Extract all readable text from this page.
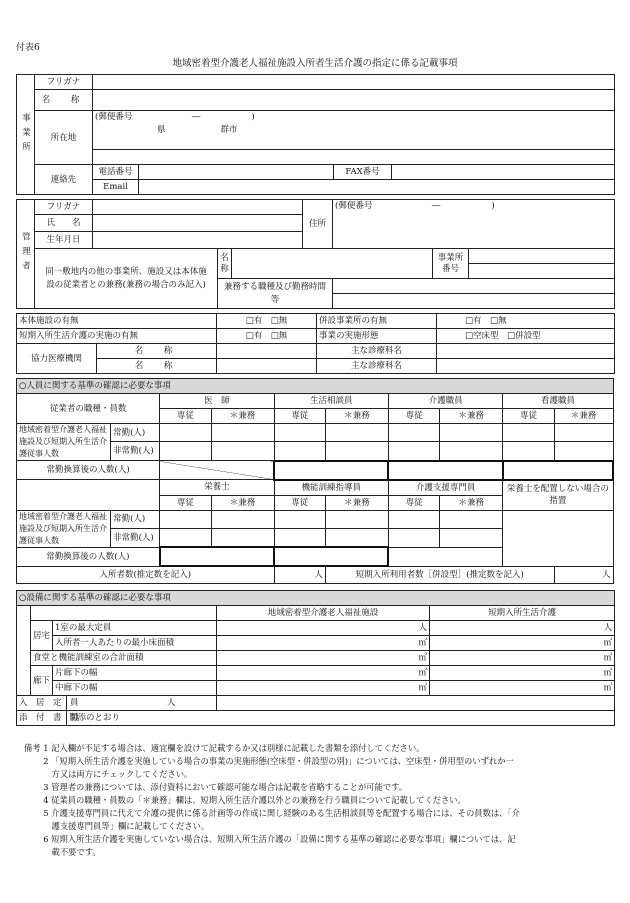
付表6
地域密着型介護老人福祉施設入所者生活介護の指定に係る記載事項
事業所	フリガナ				
	名　称				
	所在地	(郵便番号　　　　　　　―　　　　　　)
県 群市			

	連絡先	電話番号		FAX番号	
		Email			
管理者	フリガナ				住所	(郵便番号　　　　　　　―　　　　　　)		
	氏　　名							
	生年月日							
	同一敷地内の他の事業所、施設又は本体施設の従業者との兼務(兼務の場合のみ記入)		名称				事業所番号	

			兼務する職種及び勤務時間等					

本体施設の有無		□有　□無	併設事業所の有無	□有　□無
短期入所生活介護の実施の有無		□有　□無	事業の実施形態	□空床型　□併設型
協力医療機関	名　称		主な診療科名	
	名　称		主な診療科名	
○人員に関する基準の確認に必要な事項									
従業者の職種・員数		医　師		生活相談員		介護職員		看護職員	
		専従	＊兼務	専従	＊兼務	専従	＊兼務	専従	＊兼務
地域密着型介護老人福祉施設及び短期入所生活介護従事人数	常勤(人)								
	非常勤(人)								
常勤換算後の人数(人)									
		栄養士		機能訓練指導員		介護支援専門員		栄養士を配置しない場合の措置	
		専従	＊兼務	専従	＊兼務	専従	＊兼務		
地域密着型介護老人福祉施設及び短期入所生活介護従事人数	常勤(人)								
	非常勤(人)								
常勤換算後の人数(人)									
入所者数(推定数を記入)				人	短期入所利用者数［併設型］(推定数を記入)				人
○設備に関する基準の確認に必要な事項					
				地域密着型介護老人福祉施設	短期入所生活介護
	居宅	1室の最大定員		人	人
		入所者一人あたりの最小床面積		㎡	㎡
	食堂と機能訓練室の合計面積			㎡	㎡
	廊下	片廊下の幅		㎡	㎡
		中廊下の幅		㎡	㎡
入　居　定　員			人		
添　付　書　類			別添のとおり		
備考 1 記入欄が不足する場合は、適宜欄を設けて記載するか又は別様に記載した書類を添付してください。
　　 2 「短期入所生活介護を実施している場合の事業の実施形態(空床型・併設型の別)」については、空床型・併用型のいずれか一
　　　 方又は両方にチェックしてください。
　　 3 管理者の兼務については、添付資料において確認可能な場合は記載を省略することが可能です。
　　 4 従業員の職種・員数の「＊兼務」欄は、短期入所生活介護以外との兼務を行う職員について記載してください。
　　 5 介護支援専門員に代えて介護の提供に係る計画等の作成に関し経験のある生活相談員等を配置する場合には、その員数は、「介
　　　 護支援専門員等」欄に記載してください。
　　 6 短期入所生活介護を実施していない場合は、短期入所生活介護の「設備に関する基準の確認に必要な事項」欄については、記
　　　 載不要です。
